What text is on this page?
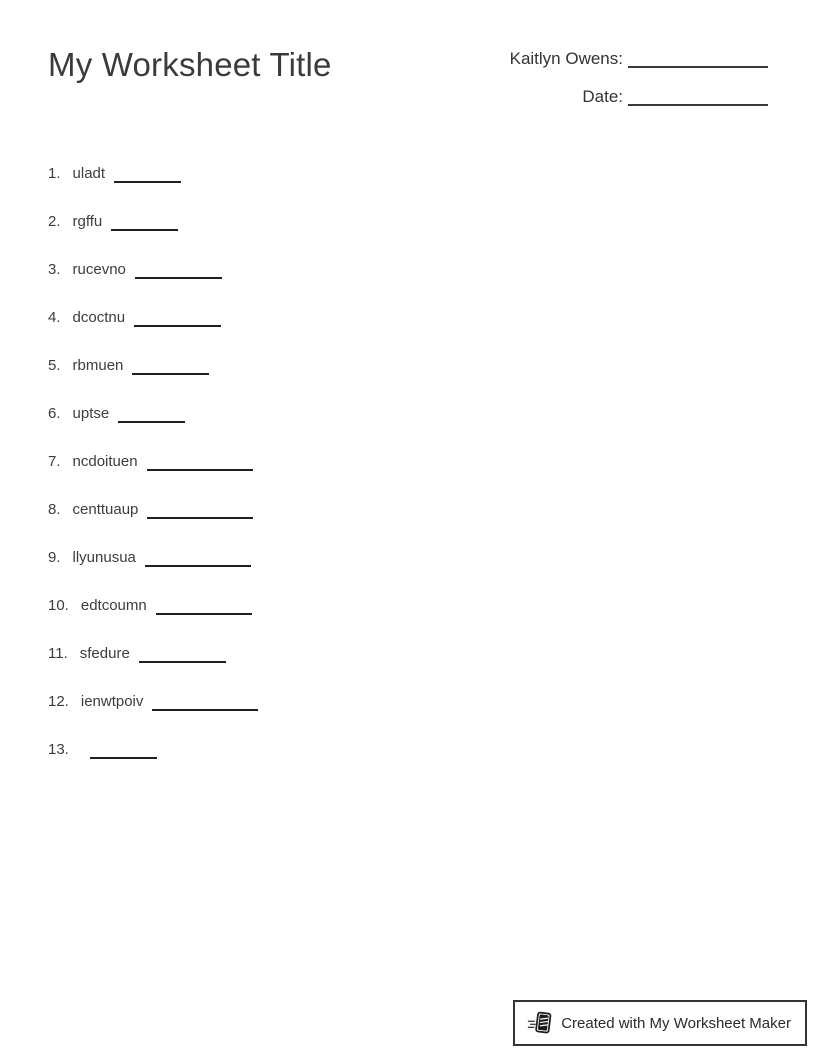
My Worksheet Title	Kaitlyn Owens:
Date:
1. uladt
2. rgffu
3. rucevno
4. dcoctnu
5. rbmuen
6. uptse
7. ncdoituen
8. centtuaup
9. llyunusua
10. edtcoumn
11. sfedure
12. ienwtpoiv
13.
Created with My Worksheet Maker
